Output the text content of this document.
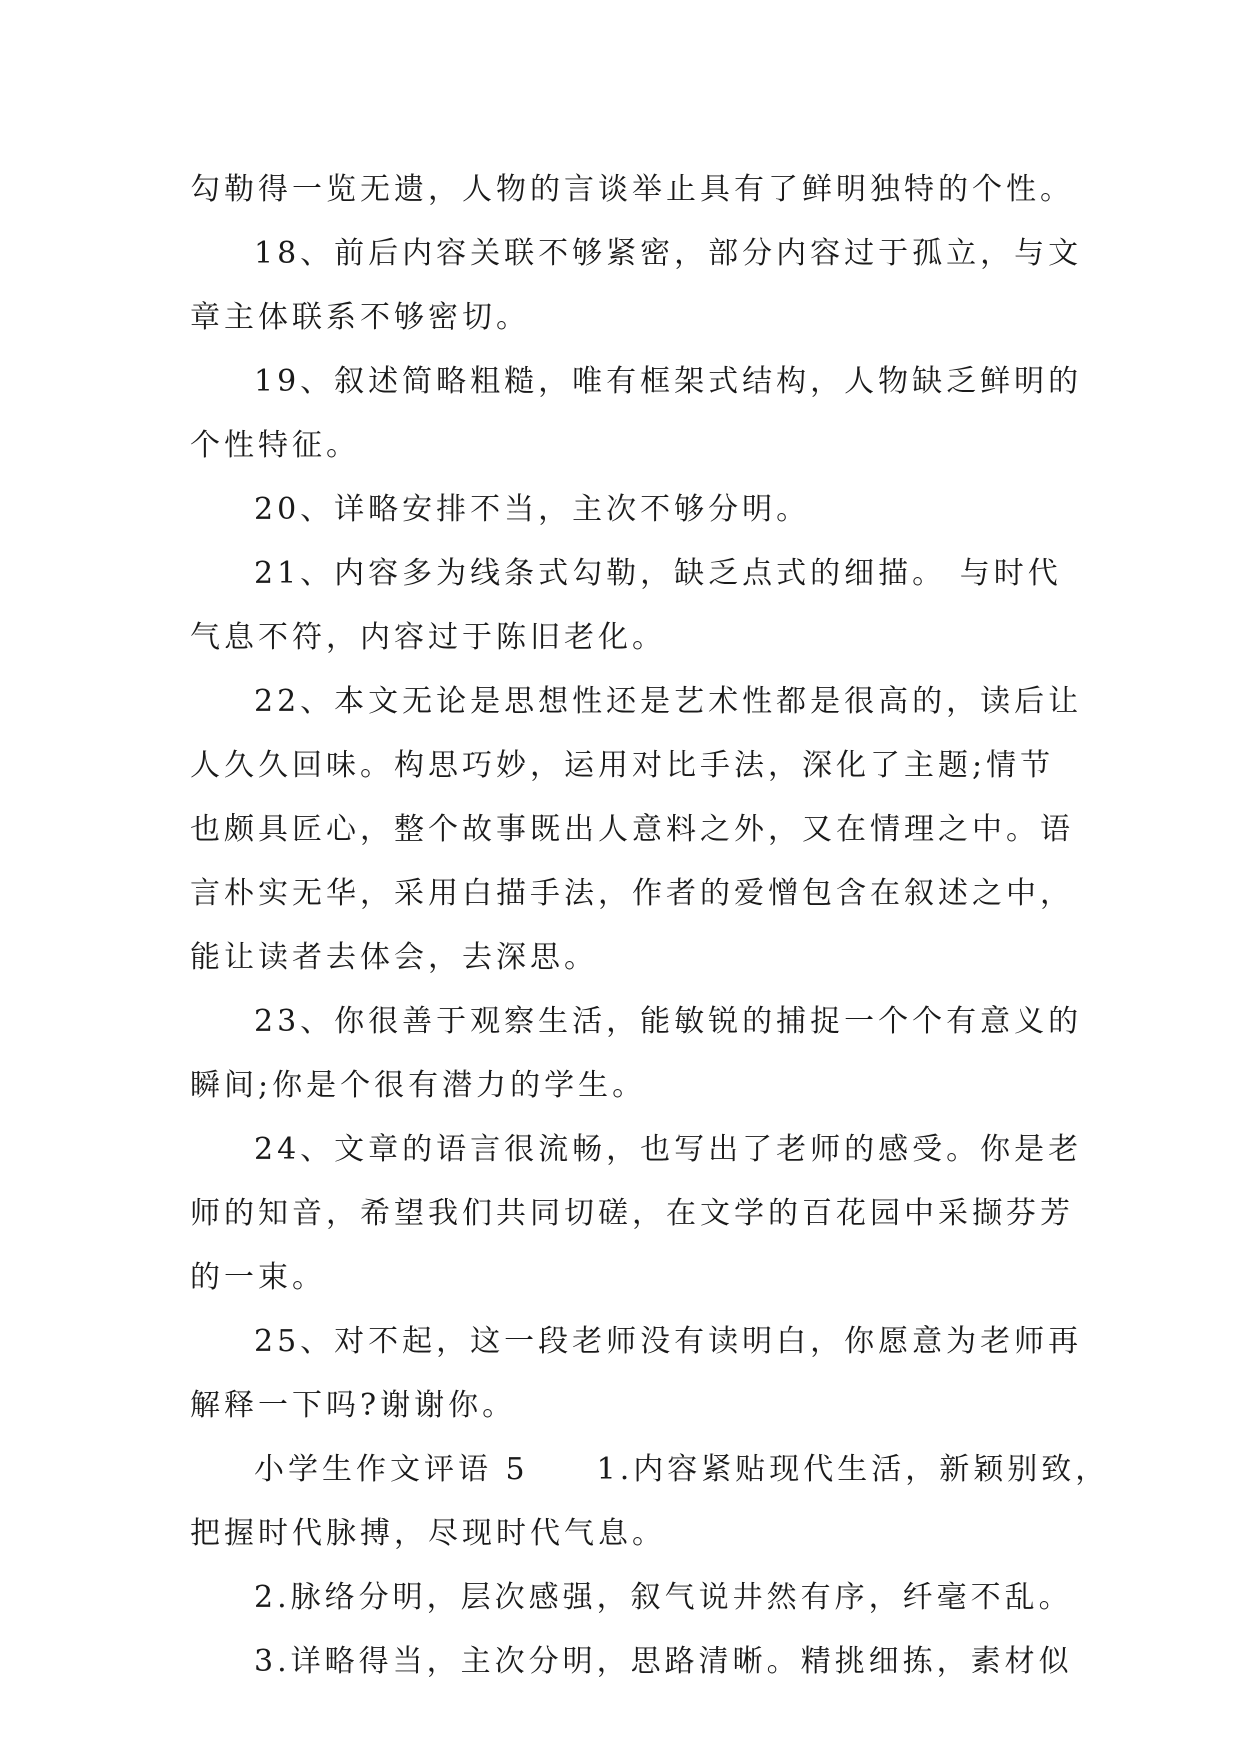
勾勒得一览无遗，人物的言谈举止具有了鲜明独特的个性。
18、前后内容关联不够紧密，部分内容过于孤立，与文
章主体联系不够密切。
19、叙述简略粗糙，唯有框架式结构，人物缺乏鲜明的
个性特征。
20、详略安排不当，主次不够分明。
21、内容多为线条式勾勒，缺乏点式的细描。 与时代
气息不符，内容过于陈旧老化。
22、本文无论是思想性还是艺术性都是很高的，读后让
人久久回味。构思巧妙，运用对比手法，深化了主题;情节
也颇具匠心，整个故事既出人意料之外，又在情理之中。语
言朴实无华，采用白描手法，作者的爱憎包含在叙述之中，
能让读者去体会，去深思。
23、你很善于观察生活，能敏锐的捕捉一个个有意义的
瞬间;你是个很有潜力的学生。
24、文章的语言很流畅，也写出了老师的感受。你是老
师的知音，希望我们共同切磋，在文学的百花园中采撷芬芳
的一束。
25、对不起，这一段老师没有读明白，你愿意为老师再
解释一下吗?谢谢你。
小学生作文评语 5　　1.内容紧贴现代生活，新颖别致，
把握时代脉搏，尽现时代气息。
2.脉络分明，层次感强，叙气说井然有序，纤毫不乱。
3.详略得当，主次分明，思路清晰。精挑细拣，素材似
